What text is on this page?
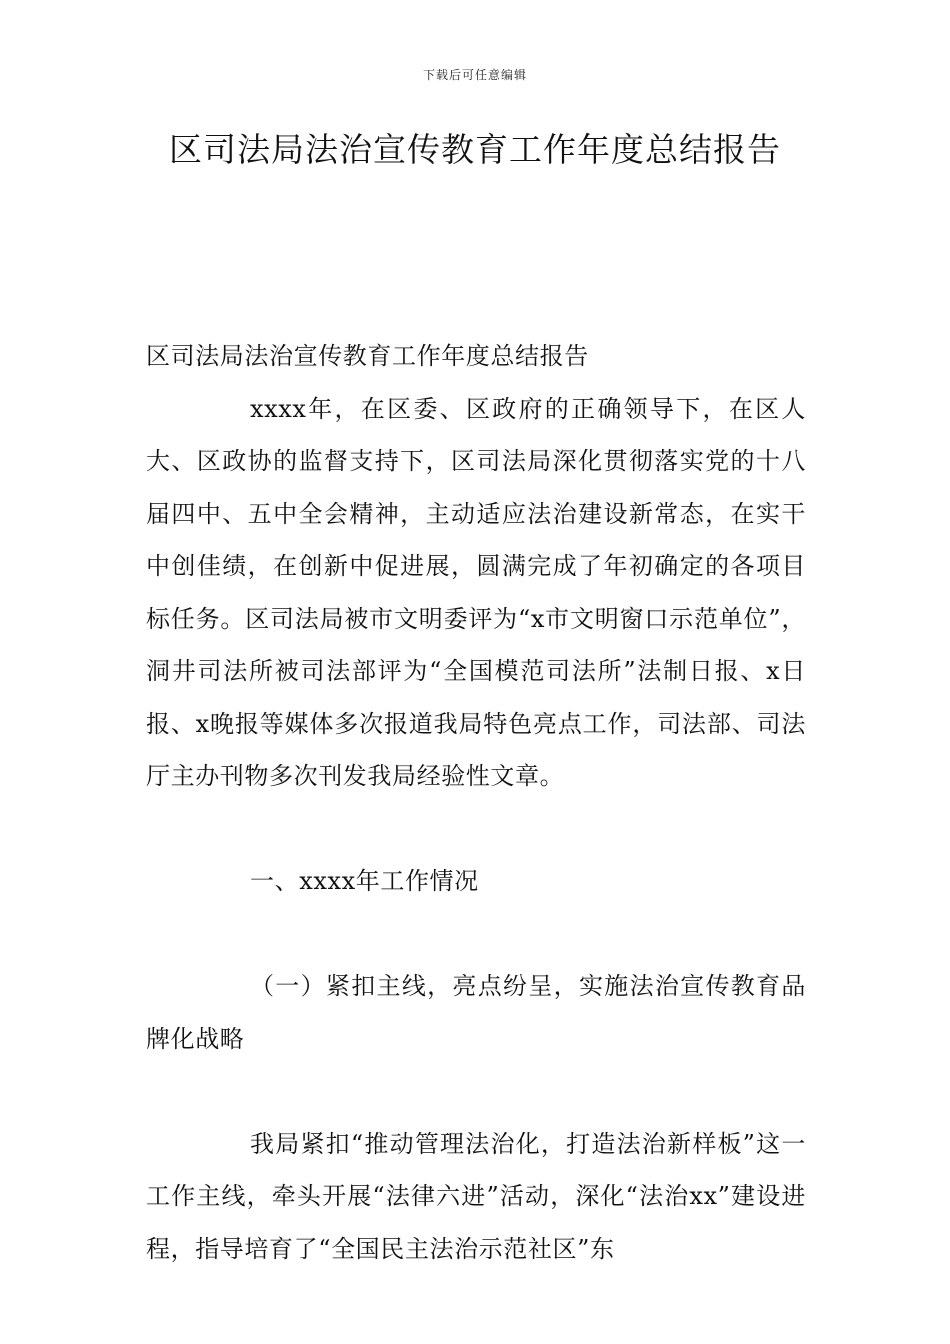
下载后可任意编辑
区司法局法治宣传教育工作年度总结报告

区司法局法治宣传教育工作年度总结报告

xxxx年，在区委、区政府的正确领导下，在区人大、区政协的监督支持下，区司法局深化贯彻落实党的十八届四中、五中全会精神，主动适应法治建设新常态，在实干中创佳绩，在创新中促进展，圆满完成了年初确定的各项目标任务。区司法局被市文明委评为“x市文明窗口示范单位”，洞井司法所被司法部评为“全国模范司法所”法制日报、x日报、x晚报等媒体多次报道我局特色亮点工作，司法部、司法厅主办刊物多次刊发我局经验性文章。

一、xxxx年工作情况

（一）紧扣主线，亮点纷呈，实施法治宣传教育品牌化战略

我局紧扣“推动管理法治化，打造法治新样板”这一工作主线，牵头开展“法律六进”活动，深化“法治xx”建设进程，指导培育了“全国民主法治示范社区”东
